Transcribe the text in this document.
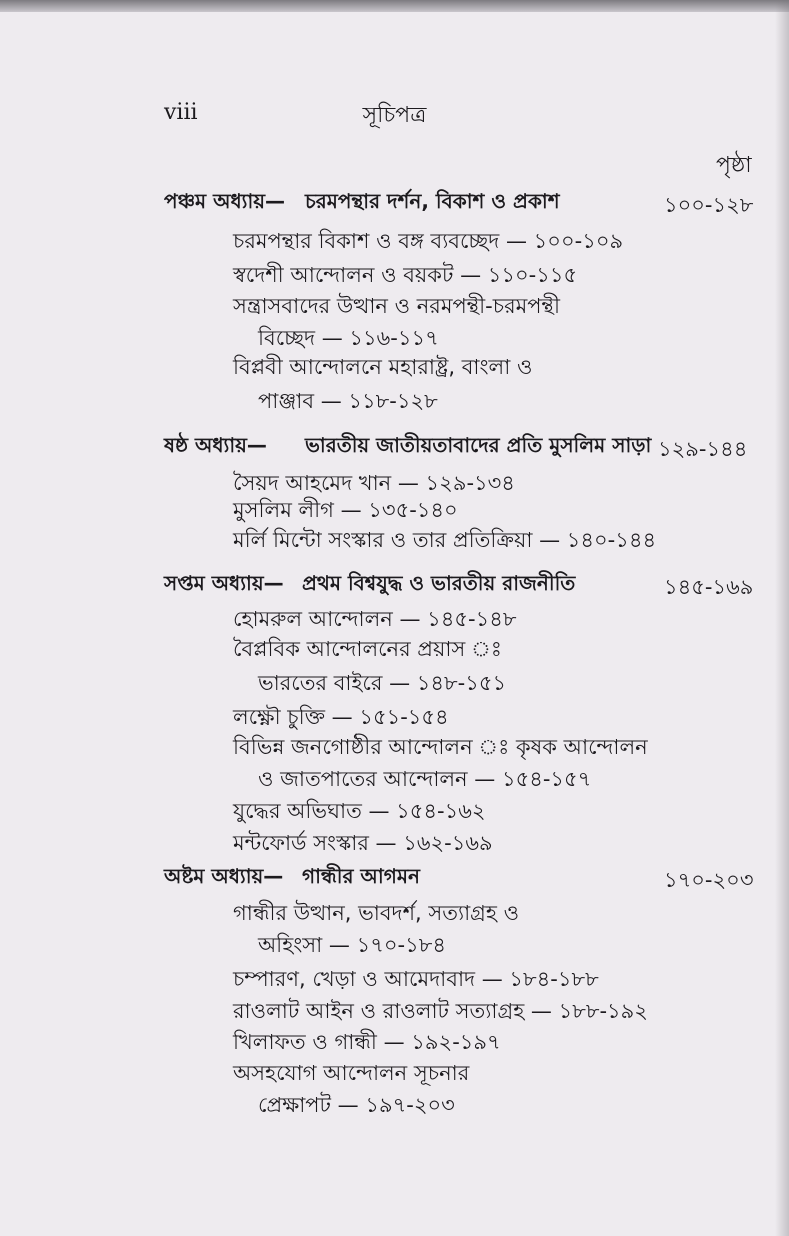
viii	সূচিপত্র
পৃষ্ঠা
পঞ্চম অধ্যায়— চরমপন্থার দর্শন, বিকাশ ও প্রকাশ	১০০-১২৮
চরমপন্থার বিকাশ ও বঙ্গ ব্যবচ্ছেদ — ১০০-১০৯
স্বদেশী আন্দোলন ও বয়কট — ১১০-১১৫
সন্ত্রাসবাদের উত্থান ও নরমপন্থী-চরমপন্থী
বিচ্ছেদ — ১১৬-১১৭
বিপ্লবী আন্দোলনে মহারাষ্ট্র, বাংলা ও
পাঞ্জাব — ১১৮-১২৮
ষষ্ঠ অধ্যায়— ভারতীয় জাতীয়তাবাদের প্রতি মুসলিম সাড়া ১২৯-১৪৪
সৈয়দ আহমেদ খান — ১২৯-১৩৪
মুসলিম লীগ — ১৩৫-১৪০
মর্লি মিন্টো সংস্কার ও তার প্রতিক্রিয়া — ১৪০-১৪৪
সপ্তম অধ্যায়— প্রথম বিশ্বযুদ্ধ ও ভারতীয় রাজনীতি	১৪৫-১৬৯
হোমরুল আন্দোলন — ১৪৫-১৪৮
বৈপ্লবিক আন্দোলনের প্রয়াস ঃ
ভারতের বাইরে — ১৪৮-১৫১
লক্ষ্ণৌ চুক্তি — ১৫১-১৫৪
বিভিন্ন জনগোষ্ঠীর আন্দোলন ঃ কৃষক আন্দোলন
ও জাতপাতের আন্দোলন — ১৫৪-১৫৭
যুদ্ধের অভিঘাত — ১৫৪-১৬২
মন্টফোর্ড সংস্কার — ১৬২-১৬৯
অষ্টম অধ্যায়— গান্ধীর আগমন	১৭০-২০৩
গান্ধীর উত্থান, ভাবদর্শ, সত্যাগ্রহ ও
অহিংসা — ১৭০-১৮৪
চম্পারণ, খেড়া ও আমেদাবাদ — ১৮৪-১৮৮
রাওলাট আইন ও রাওলাট সত্যাগ্রহ — ১৮৮-১৯২
খিলাফত ও গান্ধী — ১৯২-১৯৭
অসহযোগ আন্দোলন সূচনার
প্রেক্ষাপট — ১৯৭-২০৩
